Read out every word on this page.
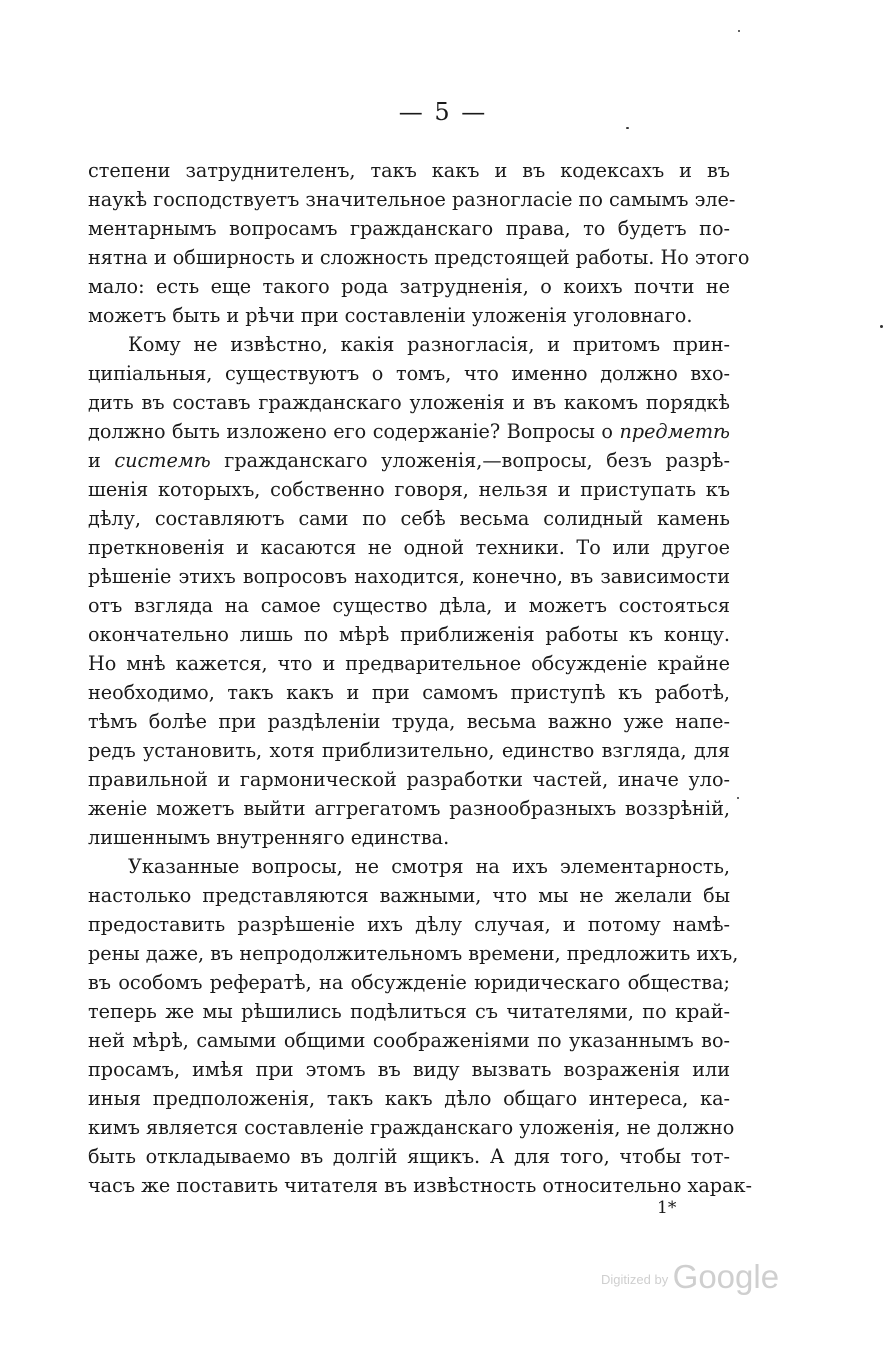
— 5 —
степени затруднителенъ, такъ какъ и въ кодексахъ и въ
наукѣ господствуетъ значительное разногласіе по самымъ эле-
ментарнымъ вопросамъ гражданскаго права, то будетъ по-
нятна и обширность и сложность предстоящей работы. Но этого
мало: есть еще такого рода затрудненія, о коихъ почти не
можетъ быть и рѣчи при составленіи уложенія уголовнаго.
Кому не извѣстно, какія разногласія, и притомъ прин-
ципіальныя, существуютъ о томъ, что именно должно вхо-
дить въ составъ гражданскаго уложенія и въ какомъ порядкѣ
должно быть изложено его содержаніе? Вопросы о предметѣ
и системѣ гражданскаго уложенія,—вопросы, безъ разрѣ-
шенія которыхъ, собственно говоря, нельзя и приступать къ
дѣлу, составляютъ сами по себѣ весьма солидный камень
преткновенія и касаются не одной техники. То или другое
рѣшеніе этихъ вопросовъ находится, конечно, въ зависимости
отъ взгляда на самое существо дѣла, и можетъ состояться
окончательно лишь по мѣрѣ приближенія работы къ концу.
Но мнѣ кажется, что и предварительное обсужденіе крайне
необходимо, такъ какъ и при самомъ приступѣ къ работѣ,
тѣмъ болѣе при раздѣленіи труда, весьма важно уже напе-
редъ установить, хотя приблизительно, единство взгляда, для
правильной и гармонической разработки частей, иначе уло-
женіе можетъ выйти аггрегатомъ разнообразныхъ воззрѣній,
лишеннымъ внутренняго единства.
Указанные вопросы, не смотря на ихъ элементарность,
настолько представляются важными, что мы не желали бы
предоставить разрѣшеніе ихъ дѣлу случая, и потому намѣ-
рены даже, въ непродолжительномъ времени, предложить ихъ,
въ особомъ рефератѣ, на обсужденіе юридическаго общества;
теперь же мы рѣшились подѣлиться съ читателями, по край-
ней мѣрѣ, самыми общими соображеніями по указаннымъ во-
просамъ, имѣя при этомъ въ виду вызвать возраженія или
иныя предположенія, такъ какъ дѣло общаго интереса, ка-
кимъ является составленіе гражданскаго уложенія, не должно
быть откладываемо въ долгій ящикъ. А для того, чтобы тот-
часъ же поставить читателя въ извѣстность относительно харак-
1*
$^{Digitized by}$ Google
